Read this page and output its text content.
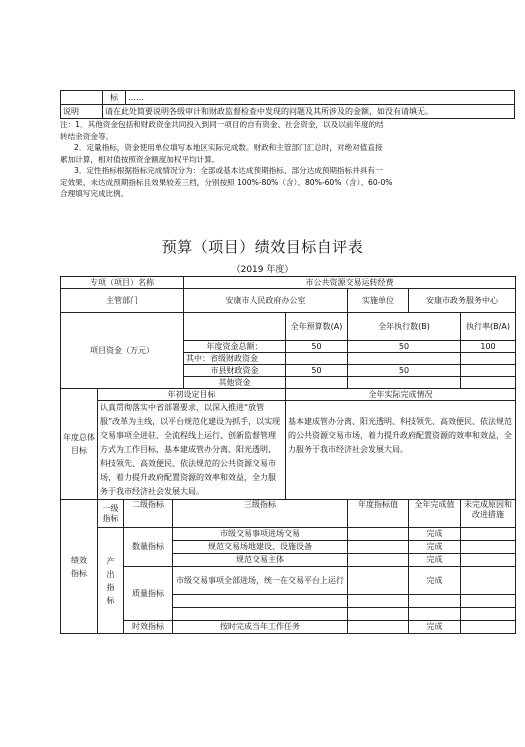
	标	……
说明	请在此处简要说明各级审计和财政监督检查中发现的问题及其所涉及的金额，如没有请填无。	

注：1．其他资金包括和财政资金共同投入到同一项目的自有资金、社会资金，以及以前年度的结

转结余资金等。

2．定量指标，资金使用单位填写本地区实际完成数。财政和主管部门汇总时，对绝对值直接

累加计算，相对值按照资金额度加权平均计算。

3．定性指标根据指标完成情况分为：全部或基本达成预期指标、部分达成预期指标并具有一

定效果、未达成预期指标且效果较差三档，分别按照 100%-80%（含）、80%-60%（含）、60-0%

合理填写完成比例。

预算（项目）绩效目标自评表
（2019 年度）
专项（项目）名称				市公共资源交易运转经费				
主管部门				安康市人民政府办公室		实施单位	安康市政务服务中心	
项目资金（万元）					全年预算数(A)	全年执行数(B)		执行率(B/A)
				年度资金总额：	50	50		100
				其中：省级财政资金				
				市县财政资金	50	50		
				其他资金				
年度总体目标	年初设定目标				全年实际完成情况			
	认真贯彻落实中省部署要求，以深入推进“放管服”改革为主线，以平台规范化建设为抓手，以实现交易事项全进驻、全流程线上运行、创新监督管理方式为工作目标，基本建成管办分离、阳光透明、科技领先、高效便民、依法规范的公共资源交易市场，着力提升政府配置资源的效率和效益，全力服务于我市经济社会发展大局。				基本建成管办分离、阳光透明、科技领先、高效便民、依法规范的公共资源交易市场，着力提升政府配置资源的效率和效益，全力服务于我市经济社会发展大局。			
绩效指标	一级指标	二级指标	三级指标			年度指标值	全年完成值	未完成原因和改进措施
	产出指标	数量指标	市级交易事项进场交易				完成	
			规范交易场地建设、设施设备				完成	
			规范交易主体				完成	
		质量指标	市级交易事项全部进场，统一在交易平台上运行				完成	

		时效指标	按时完成当年工作任务				完成	
